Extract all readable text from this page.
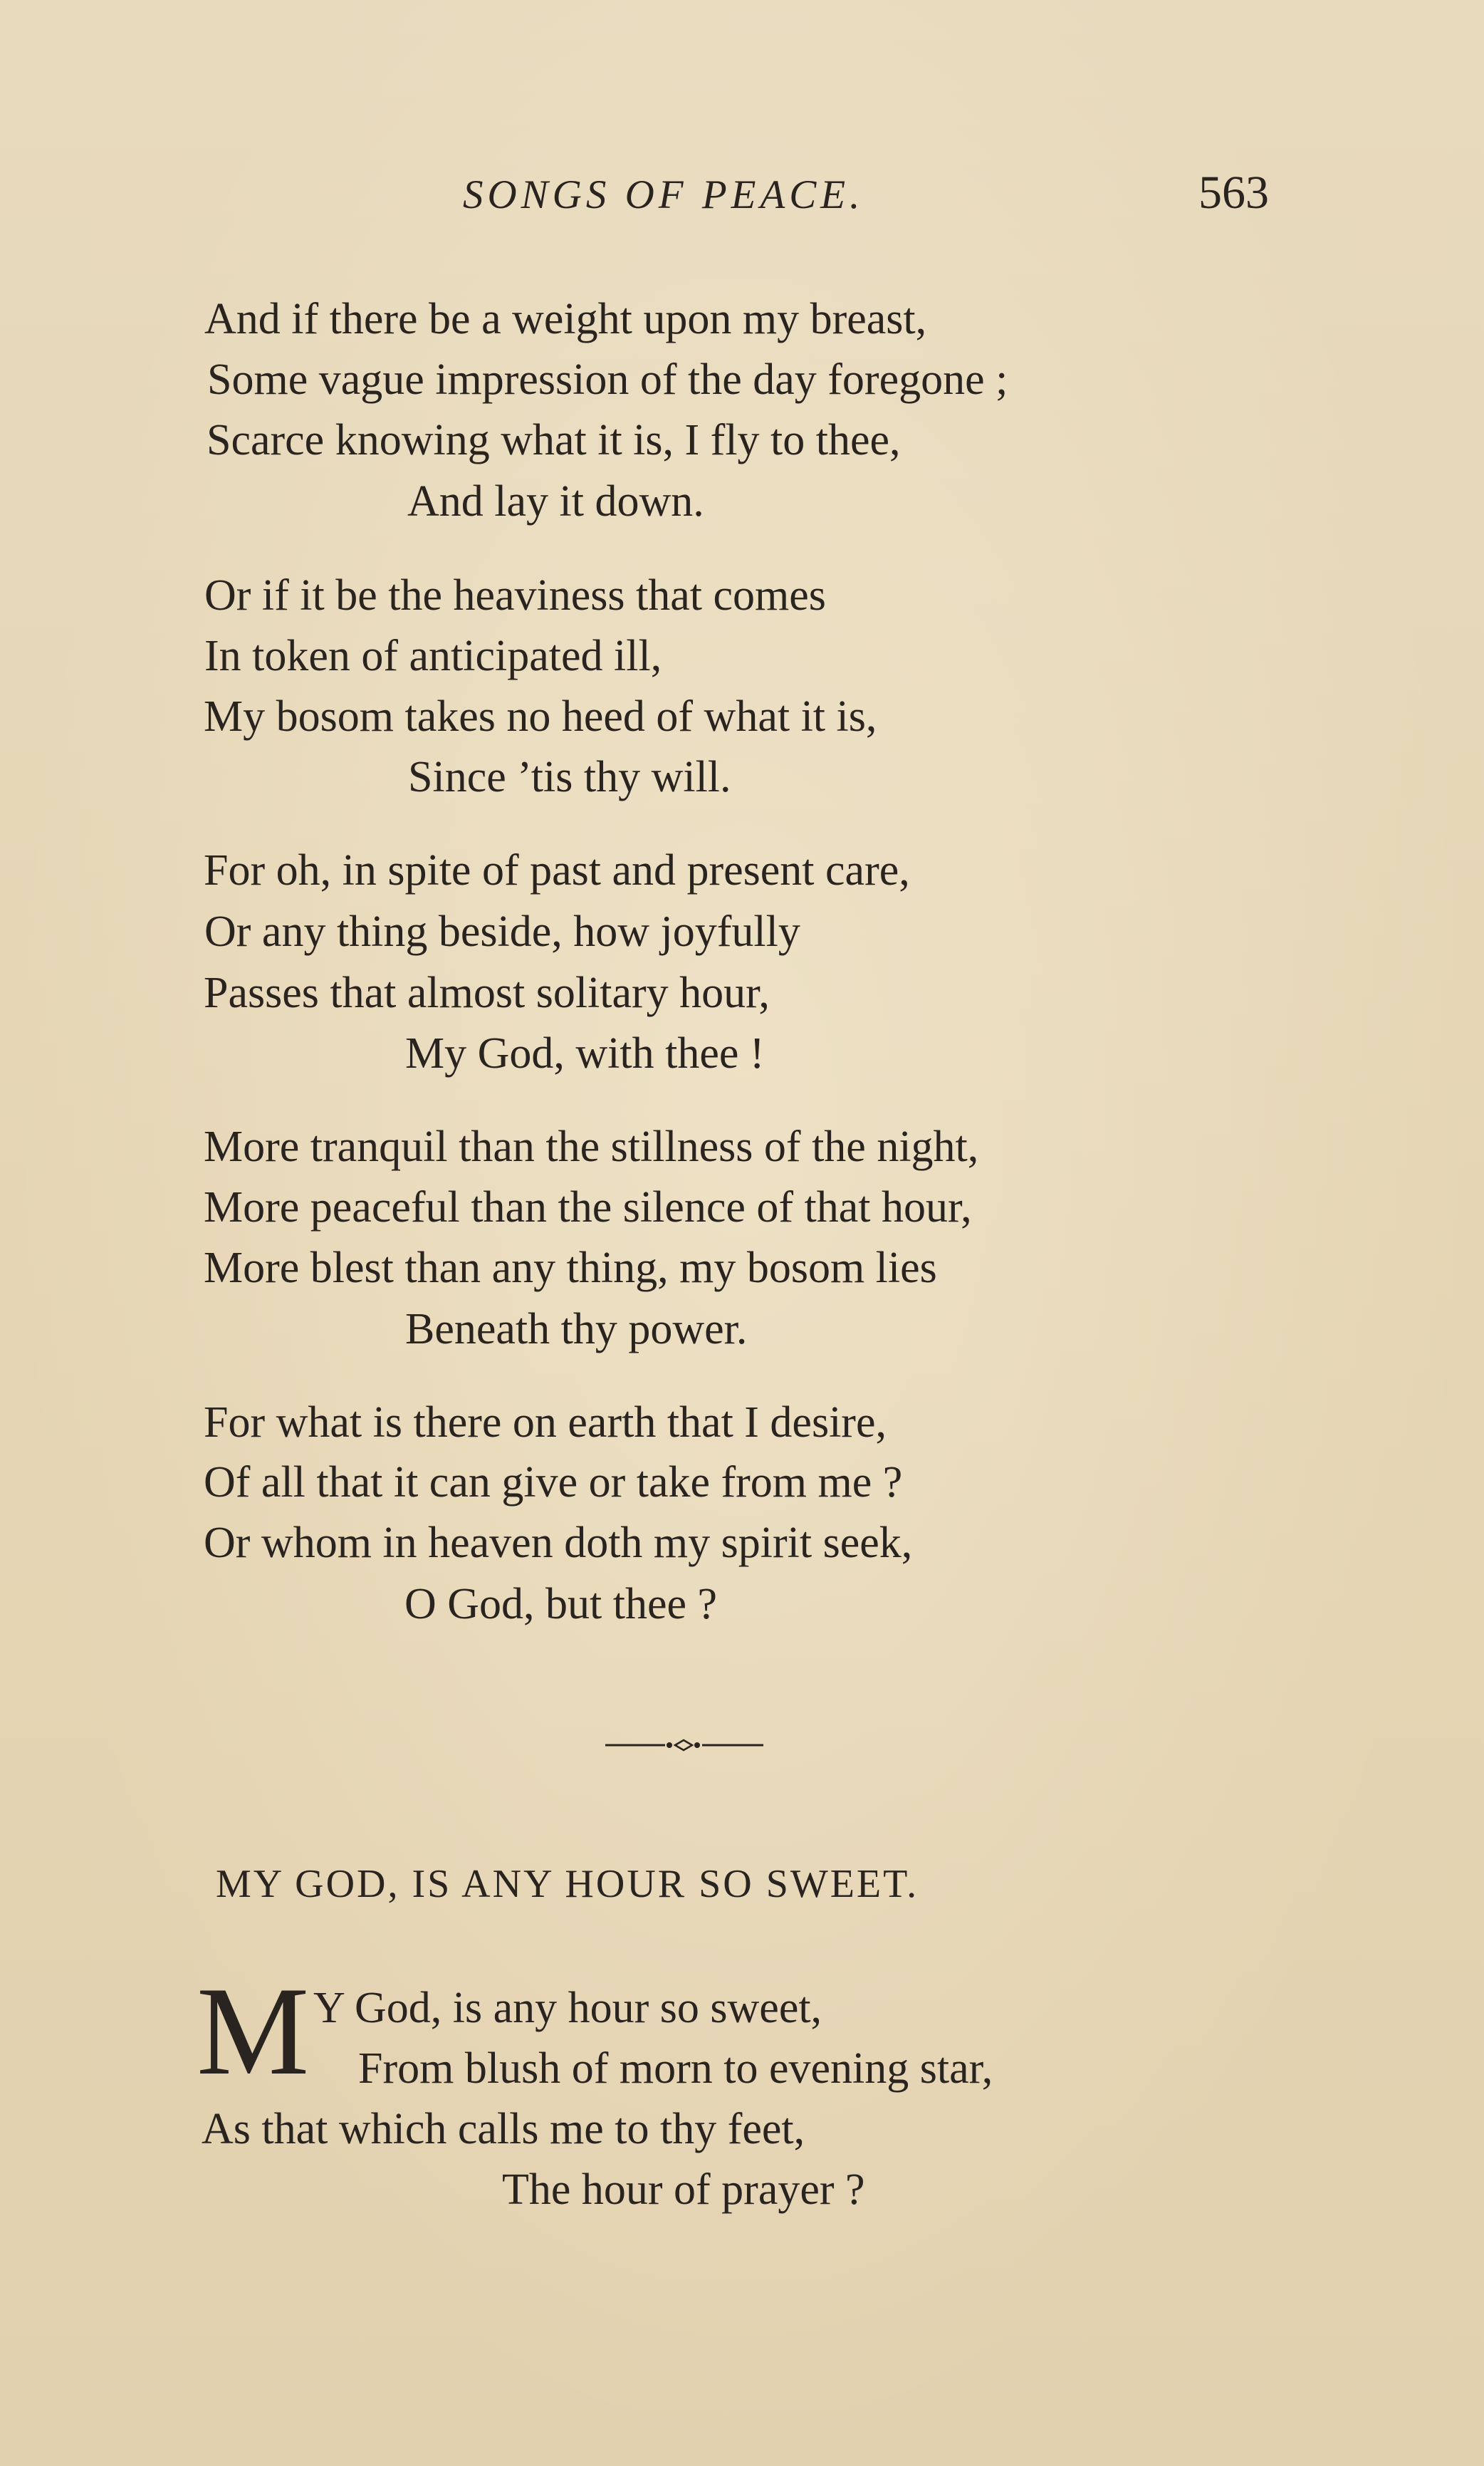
SONGS OF PEACE.	563
And if there be a weight upon my breast,
Some vague impression of the day foregone ;
Scarce knowing what it is, I fly to thee,
And lay it down.
Or if it be the heaviness that comes
In token of anticipated ill,
My bosom takes no heed of what it is,
Since ’tis thy will.
For oh, in spite of past and present care,
Or any thing beside, how joyfully
Passes that almost solitary hour,
My God, with thee !
More tranquil than the stillness of the night,
More peaceful than the silence of that hour,
More blest than any thing, my bosom lies
Beneath thy power.
For what is there on earth that I desire,
Of all that it can give or take from me ?
Or whom in heaven doth my spirit seek,
O God, but thee ?
MY GOD, IS ANY HOUR SO SWEET.
M Y God, is any hour so sweet,
From blush of morn to evening star,
As that which calls me to thy feet,
The hour of prayer ?
